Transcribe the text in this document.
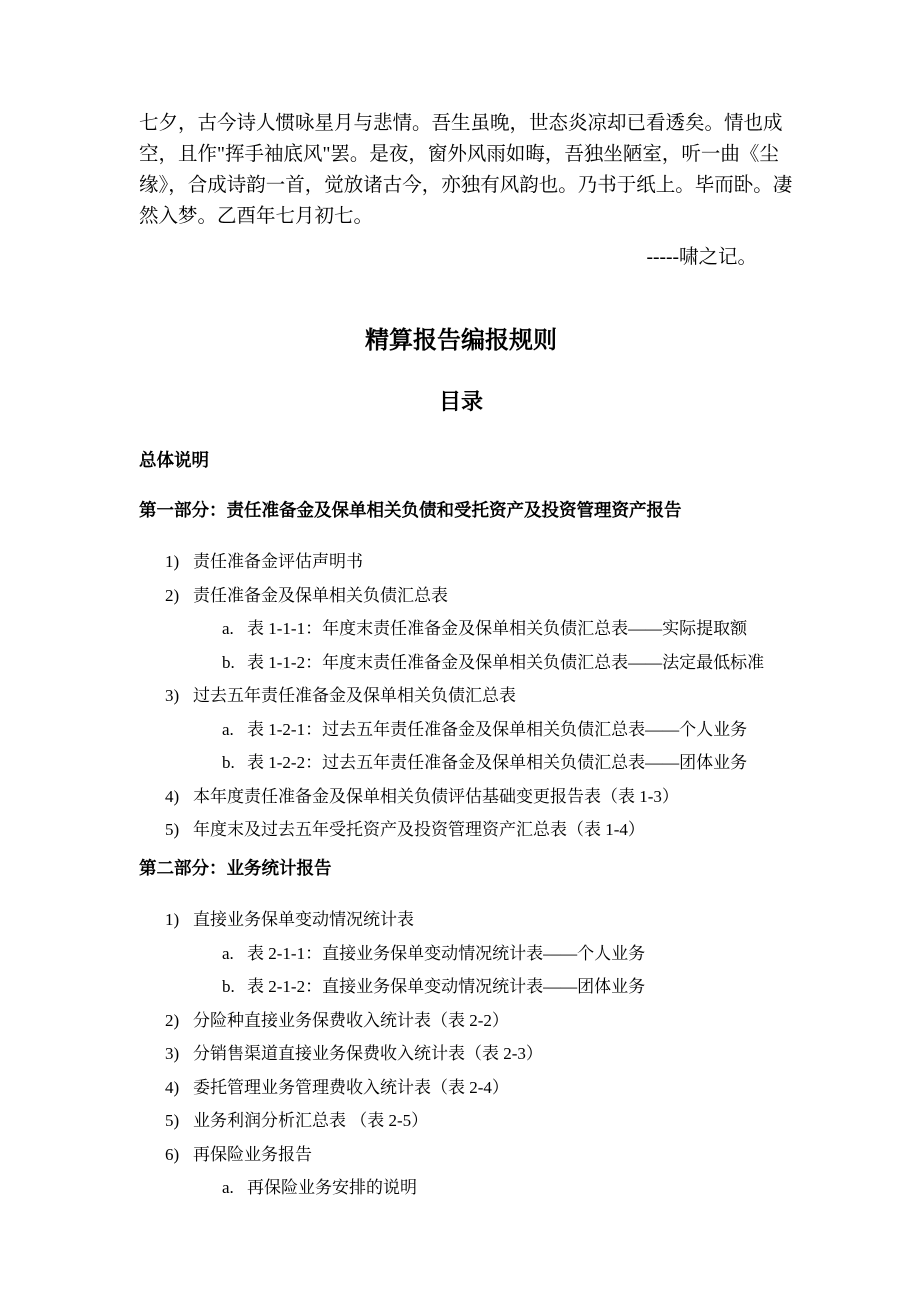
七夕，古今诗人惯咏星月与悲情。吾生虽晚，世态炎凉却已看透矣。情也成
空，且作"挥手袖底风"罢。是夜，窗外风雨如晦，吾独坐陋室，听一曲《尘
缘》，合成诗韵一首，觉放诸古今，亦独有风韵也。乃书于纸上。毕而卧。凄
然入梦。乙酉年七月初七。
-----啸之记。
精算报告编报规则
目录
总体说明
第一部分：责任准备金及保单相关负债和受托资产及投资管理资产报告
1) 责任准备金评估声明书
2) 责任准备金及保单相关负债汇总表
a. 表 1-1-1：年度末责任准备金及保单相关负债汇总表——实际提取额
b. 表 1-1-2：年度末责任准备金及保单相关负债汇总表——法定最低标准
3) 过去五年责任准备金及保单相关负债汇总表
a. 表 1-2-1：过去五年责任准备金及保单相关负债汇总表——个人业务
b. 表 1-2-2：过去五年责任准备金及保单相关负债汇总表——团体业务
4) 本年度责任准备金及保单相关负债评估基础变更报告表（表 1-3）
5) 年度末及过去五年受托资产及投资管理资产汇总表（表 1-4）
第二部分：业务统计报告
1) 直接业务保单变动情况统计表
a. 表 2-1-1：直接业务保单变动情况统计表——个人业务
b. 表 2-1-2：直接业务保单变动情况统计表——团体业务
2) 分险种直接业务保费收入统计表（表 2-2）
3) 分销售渠道直接业务保费收入统计表（表 2-3）
4) 委托管理业务管理费收入统计表（表 2-4）
5) 业务利润分析汇总表 （表 2-5）
6) 再保险业务报告
a. 再保险业务安排的说明
